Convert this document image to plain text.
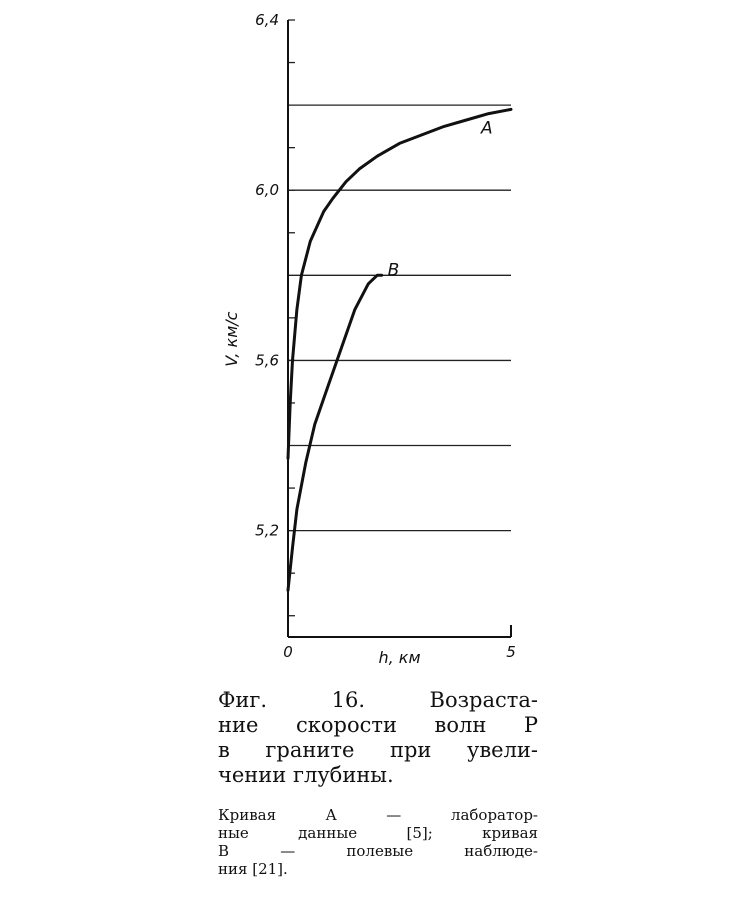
5,2
5,6
6,0
6,4
0	5
A
B
h, км
V, км/с
Фиг. 16. Возраста-
ние скорости волн P
в граните при увели-
чении глубины.
Кривая A — лаборатор-
ные данные [5]; кривая
B — полевые наблюде-
ния [21].
